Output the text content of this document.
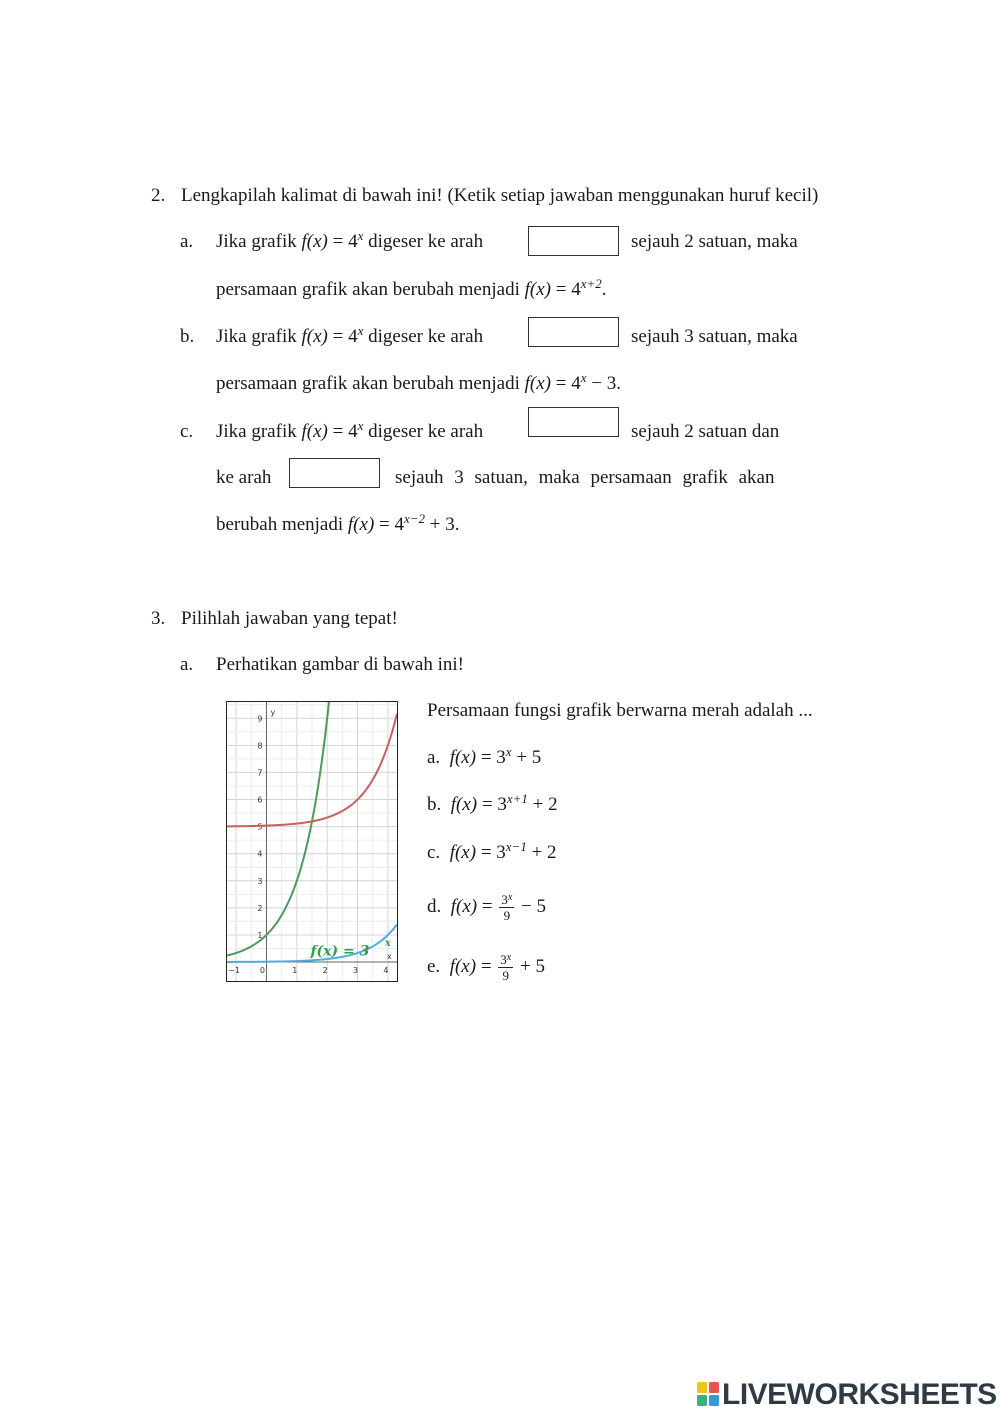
2. Lengkapilah kalimat di bawah ini! (Ketik setiap jawaban menggunakan huruf kecil)
a. Jika grafik $f(x) = 4^x$ digeser ke arah	sejauh 2 satuan, maka
persamaan grafik akan berubah menjadi $f(x) = 4^{x+2}$.
b. Jika grafik $f(x) = 4^x$ digeser ke arah	sejauh 3 satuan, maka
persamaan grafik akan berubah menjadi $f(x) = 4^x - 3$.
c. Jika grafik $f(x) = 4^x$ digeser ke arah	sejauh 2 satuan dan
ke arah	sejauh 3 satuan, maka persamaan grafik akan
berubah menjadi $f(x) = 4^{x-2} + 3$.
3. Pilihlah jawaban yang tepat!
a. Perhatikan gambar di bawah ini!
−1 0	1	2	3	4
1
2
3
4
5
6
7
8
9
y
x
f(x) = 3 x
Persamaan fungsi grafik berwarna merah adalah ...
a. $f(x) = 3^x + 5$
b. $f(x) = 3^{x+1} + 2$
c. $f(x) = 3^{x-1} + 2$
d. $f(x) = \frac{3^x}{9} - 5$
e. $f(x) = \frac{3^x}{9} + 5$
LIVEWORKSHEETS
